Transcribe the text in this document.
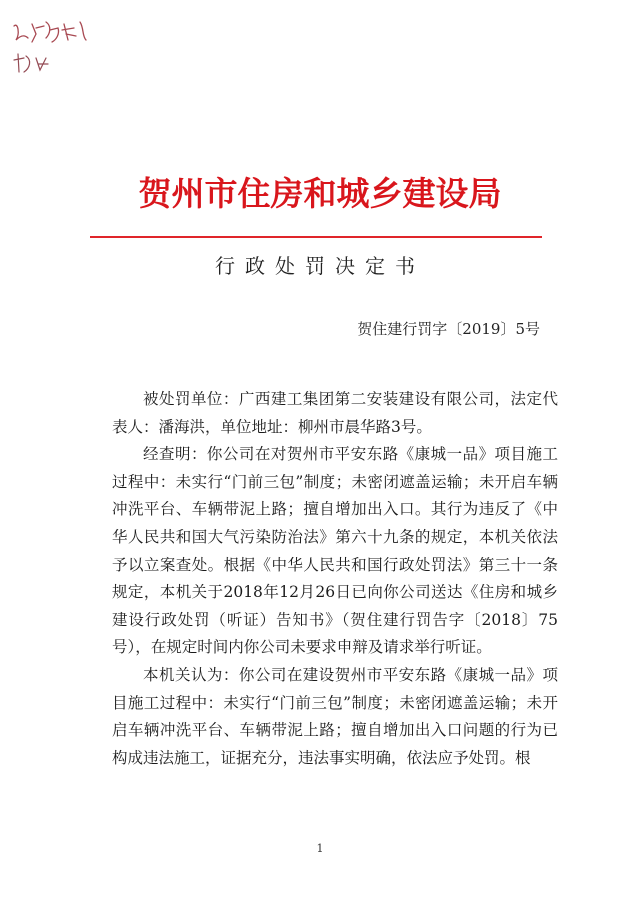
贺州市住房和城乡建设局
行政处罚决定书
贺住建行罚字〔2019〕5号

被处罚单位：广西建工集团第二安装建设有限公司，法定代表人：潘海洪，单位地址：柳州市晨华路3号。

经查明：你公司在对贺州市平安东路《康城一品》项目施工过程中：未实行“门前三包”制度；未密闭遮盖运输；未开启车辆冲洗平台、车辆带泥上路；擅自增加出入口。其行为违反了《中华人民共和国大气污染防治法》第六十九条的规定，本机关依法予以立案查处。根据《中华人民共和国行政处罚法》第三十一条规定，本机关于2018年12月26日已向你公司送达《住房和城乡建设行政处罚（听证）告知书》（贺住建行罚告字〔2018〕75号），在规定时间内你公司未要求申辩及请求举行听证。

本机关认为：你公司在建设贺州市平安东路《康城一品》项目施工过程中：未实行“门前三包”制度；未密闭遮盖运输；未开启车辆冲洗平台、车辆带泥上路；擅自增加出入口问题的行为已构成违法施工，证据充分，违法事实明确，依法应予处罚。根

1
